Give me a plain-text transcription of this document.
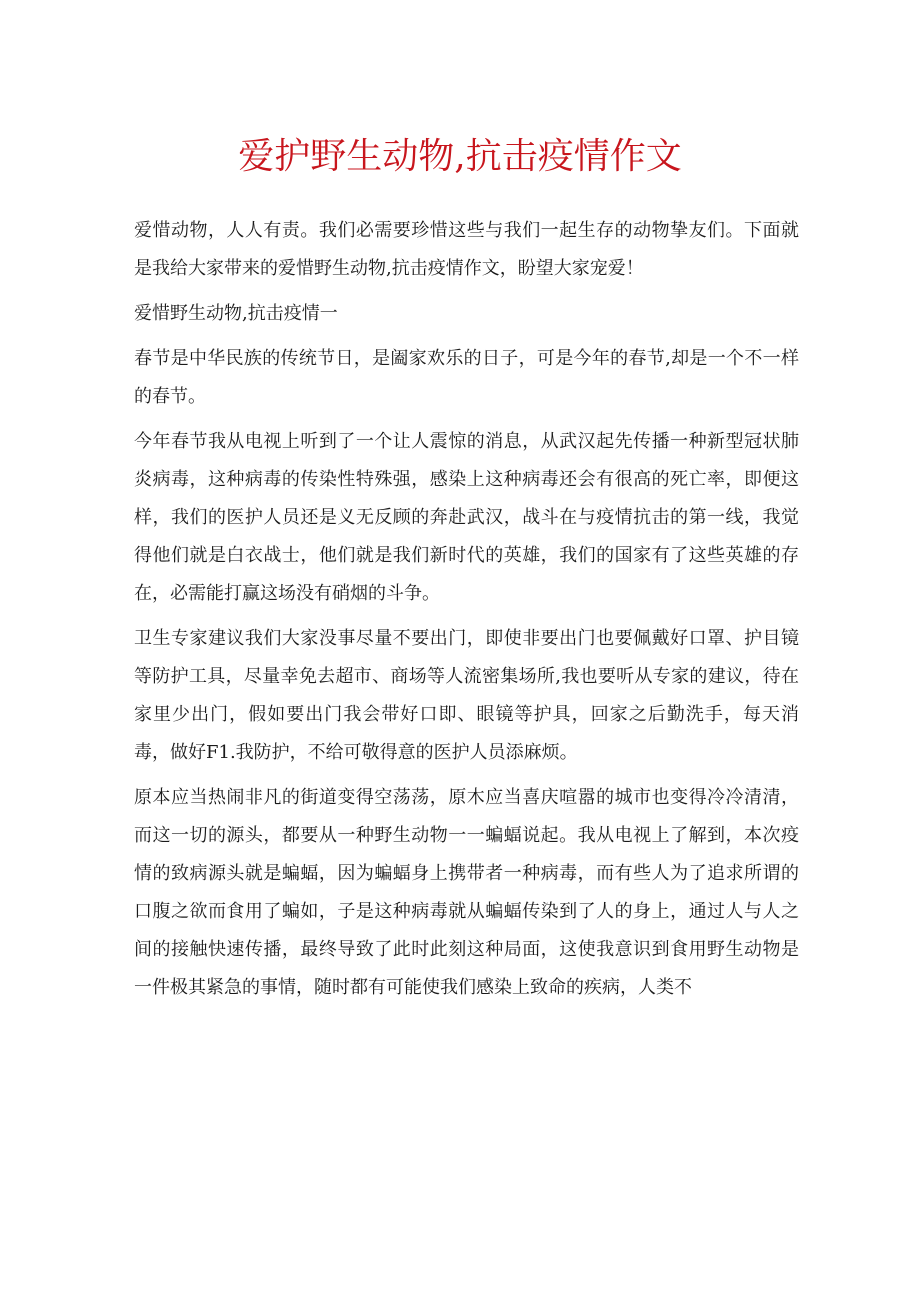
爱护野生动物,抗击疫情作文

爱惜动物，人人有责。我们必需要珍惜这些与我们一起生存的动物挚友们。下面就是我给大家带来的爱惜野生动物,抗击疫情作文，盼望大家宠爱！

爱惜野生动物,抗击疫情一

春节是中华民族的传统节日，是阖家欢乐的日子，可是今年的春节,却是一个不一样的春节。

今年春节我从电视上听到了一个让人震惊的消息，从武汉起先传播一种新型冠状肺炎病毒，这种病毒的传染性特殊强，感染上这种病毒还会有很高的死亡率，即便这样，我们的医护人员还是义无反顾的奔赴武汉，战斗在与疫情抗击的第一线，我觉得他们就是白衣战士，他们就是我们新时代的英雄，我们的国家有了这些英雄的存在，必需能打赢这场没有硝烟的斗争。

卫生专家建议我们大家没事尽量不要出门，即使非要出门也要佩戴好口罩、护目镜等防护工具，尽量幸免去超市、商场等人流密集场所,我也要听从专家的建议，待在家里少出门，假如要出门我会带好口即、眼镜等护具，回家之后勤洗手，每天消毒，做好F1.我防护，不给可敬得意的医护人员添麻烦。

原本应当热闹非凡的街道变得空荡荡，原木应当喜庆喧嚣的城市也变得冷冷清清，而这一切的源头，都要从一种野生动物一一蝙蝠说起。我从电视上了解到，本次疫情的致病源头就是蝙蝠，因为蝙蝠身上携带者一种病毒，而有些人为了追求所谓的口腹之欲而食用了蝙如，子是这种病毒就从蝙蝠传染到了人的身上，通过人与人之间的接触快速传播，最终导致了此时此刻这种局面，这使我意识到食用野生动物是一件极其紧急的事情，随时都有可能使我们感染上致命的疾病，人类不
